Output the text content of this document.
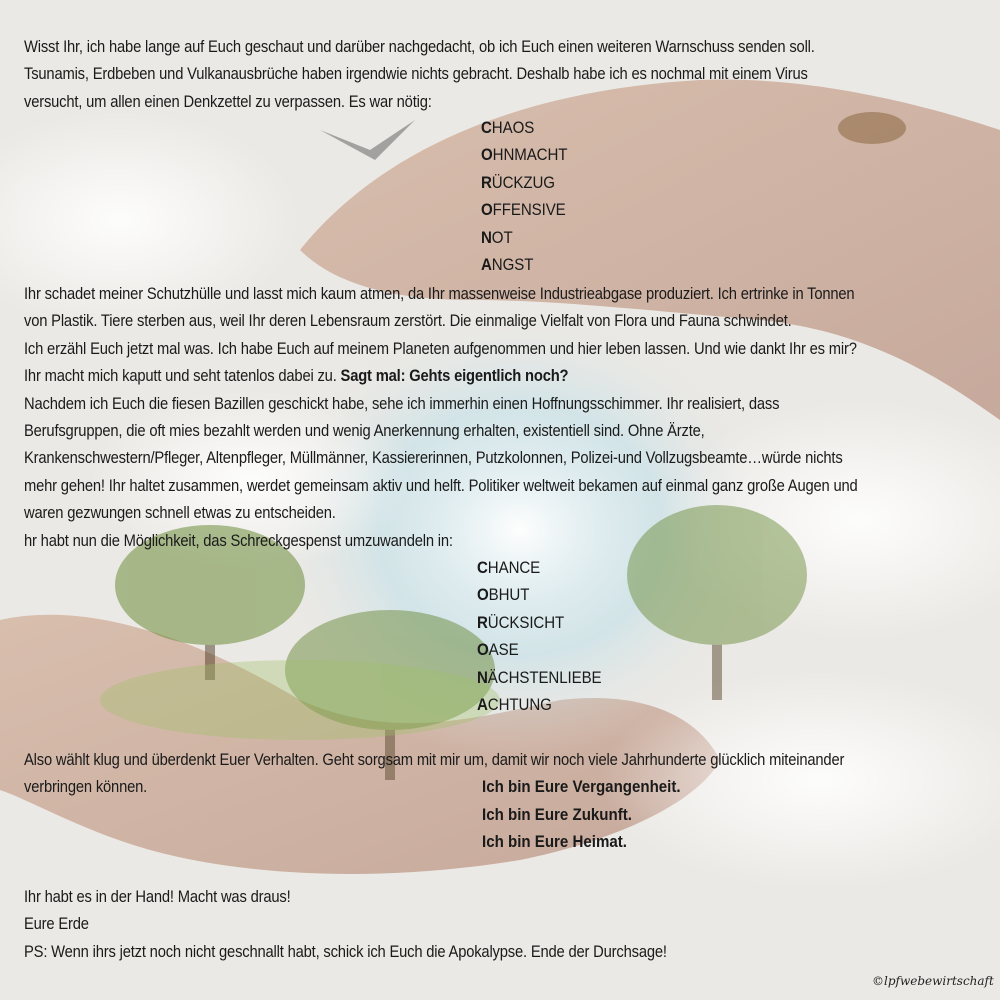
Wisst Ihr, ich habe lange auf Euch geschaut und darüber nachgedacht, ob ich Euch einen weiteren Warnschuss senden soll.
Tsunamis, Erdbeben und Vulkanausbrüche haben irgendwie nichts gebracht. Deshalb habe ich es nochmal mit einem Virus
versucht, um allen einen Denkzettel zu verpassen. Es war nötig:
CHAOS
OHNMACHT
RÜCKZUG
OFFENSIVE
NOT
ANGST
Ihr schadet meiner Schutzhülle und lasst mich kaum atmen, da Ihr massenweise Industrieabgase produziert. Ich ertrinke in Tonnen
von Plastik. Tiere sterben aus, weil Ihr deren Lebensraum zerstört. Die einmalige Vielfalt von Flora und Fauna schwindet.
Ich erzähl Euch jetzt mal was. Ich habe Euch auf meinem Planeten aufgenommen und hier leben lassen. Und wie dankt Ihr es mir?
Ihr macht mich kaputt und seht tatenlos dabei zu. Sagt mal: Gehts eigentlich noch?
Nachdem ich Euch die fiesen Bazillen geschickt habe, sehe ich immerhin einen Hoffnungsschimmer. Ihr realisiert, dass
Berufsgruppen, die oft mies bezahlt werden und wenig Anerkennung erhalten, existentiell sind. Ohne Ärzte,
Krankenschwestern/Pfleger, Altenpfleger, Müllmänner, Kassiererinnen, Putzkolonnen, Polizei-und Vollzugsbeamte…würde nichts
mehr gehen! Ihr haltet zusammen, werdet gemeinsam aktiv und helft. Politiker weltweit bekamen auf einmal ganz große Augen und
waren gezwungen schnell etwas zu entscheiden.
hr habt nun die Möglichkeit, das Schreckgespenst umzuwandeln in:
CHANCE
OBHUT
RÜCKSICHT
OASE
NÄCHSTENLIEBE
ACHTUNG
Also wählt klug und überdenkt Euer Verhalten. Geht sorgsam mit mir um, damit wir noch viele Jahrhunderte glücklich miteinander
verbringen können.	Ich bin Eure Vergangenheit.
Ich bin Eure Zukunft.
Ich bin Eure Heimat.
Ihr habt es in der Hand! Macht was draus!
Eure Erde
PS: Wenn ihrs jetzt noch nicht geschnallt habt, schick ich Euch die Apokalypse. Ende der Durchsage!
©lpfwebewirtschaft
